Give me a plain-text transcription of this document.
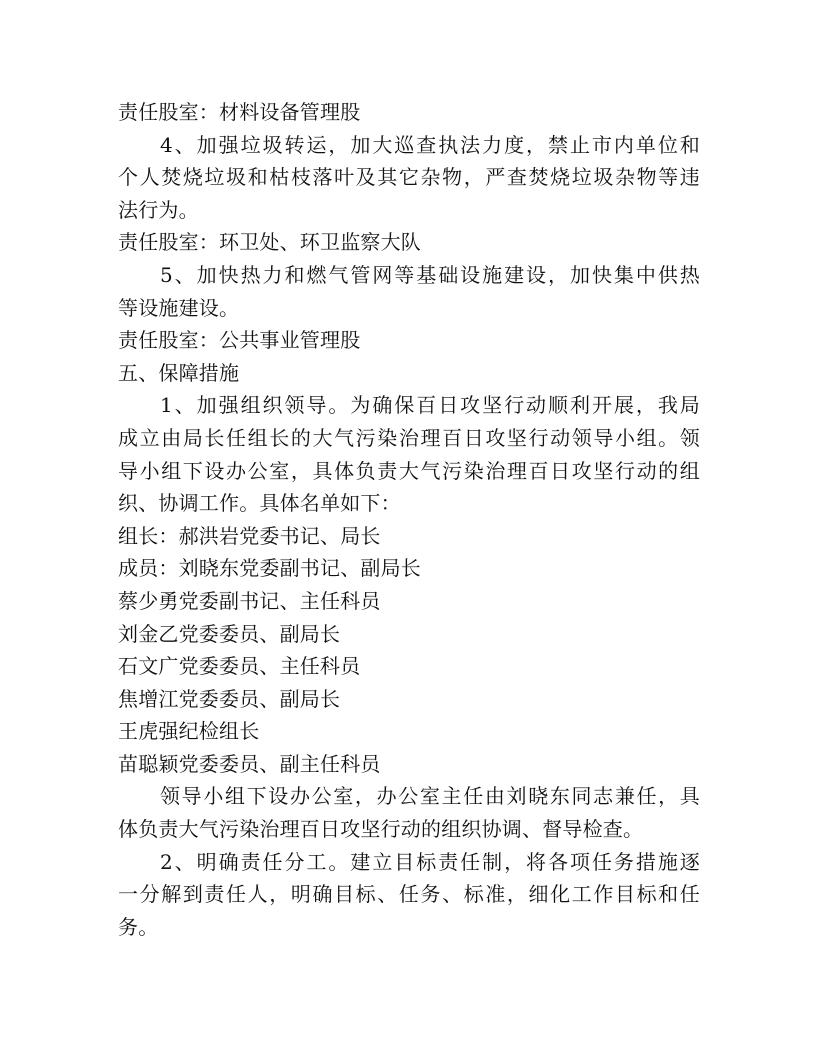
责任股室：材料设备管理股
4、加强垃圾转运，加大巡查执法力度，禁止市内单位和
个人焚烧垃圾和枯枝落叶及其它杂物，严查焚烧垃圾杂物等违
法行为。
责任股室：环卫处、环卫监察大队
5、加快热力和燃气管网等基础设施建设，加快集中供热
等设施建设。
责任股室：公共事业管理股
五、保障措施
1、加强组织领导。为确保百日攻坚行动顺利开展，我局
成立由局长任组长的大气污染治理百日攻坚行动领导小组。领
导小组下设办公室，具体负责大气污染治理百日攻坚行动的组
织、协调工作。具体名单如下：
组长：郝洪岩党委书记、局长
成员：刘晓东党委副书记、副局长
蔡少勇党委副书记、主任科员
刘金乙党委委员、副局长
石文广党委委员、主任科员
焦增江党委委员、副局长
王虎强纪检组长
苗聪颖党委委员、副主任科员
领导小组下设办公室，办公室主任由刘晓东同志兼任，具
体负责大气污染治理百日攻坚行动的组织协调、督导检查。
2、明确责任分工。建立目标责任制，将各项任务措施逐
一分解到责任人，明确目标、任务、标准，细化工作目标和任
务。
